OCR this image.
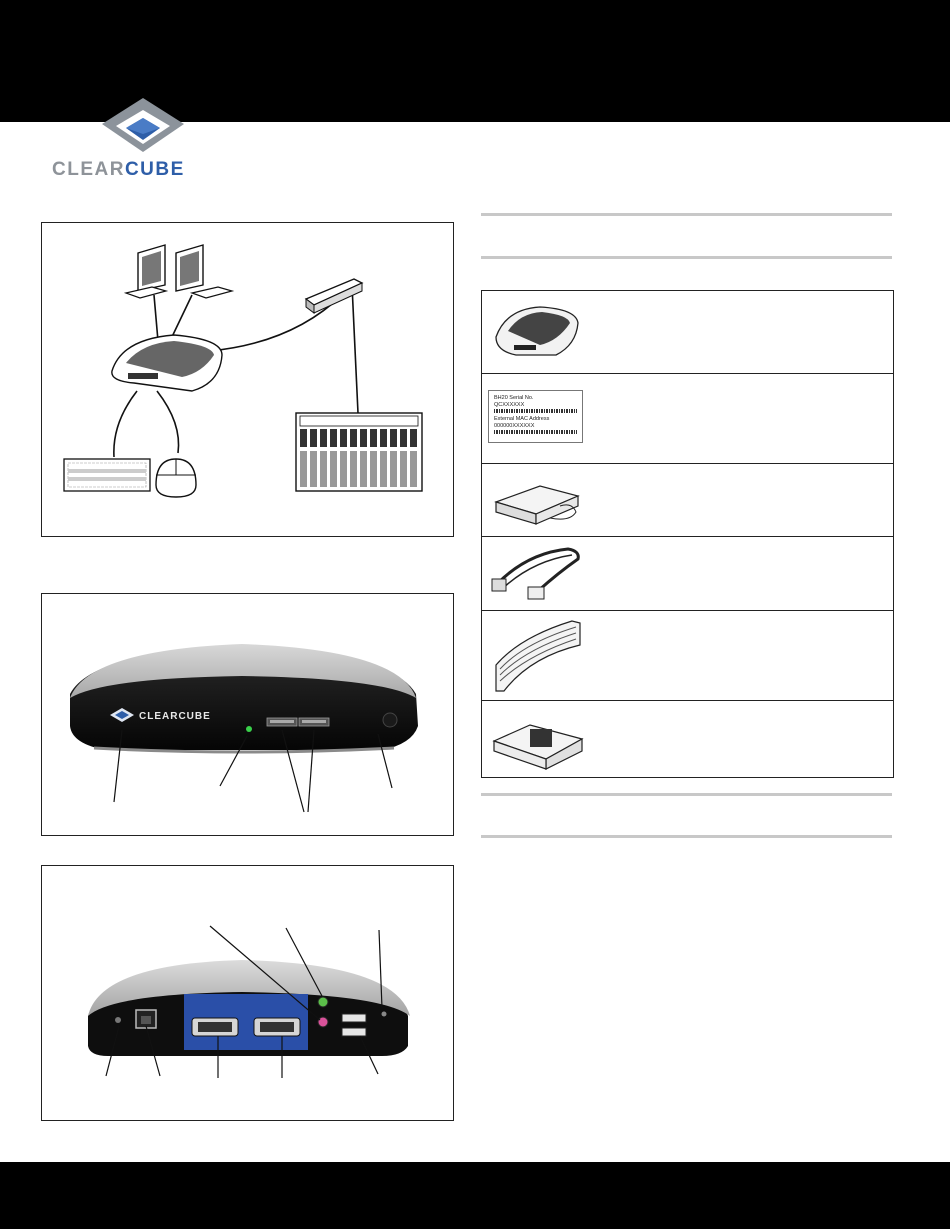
CLEARCUBE
CLEARCUBE
BH20 Serial No.
QCXXXXXX
External MAC Address
000000XXXXXX
